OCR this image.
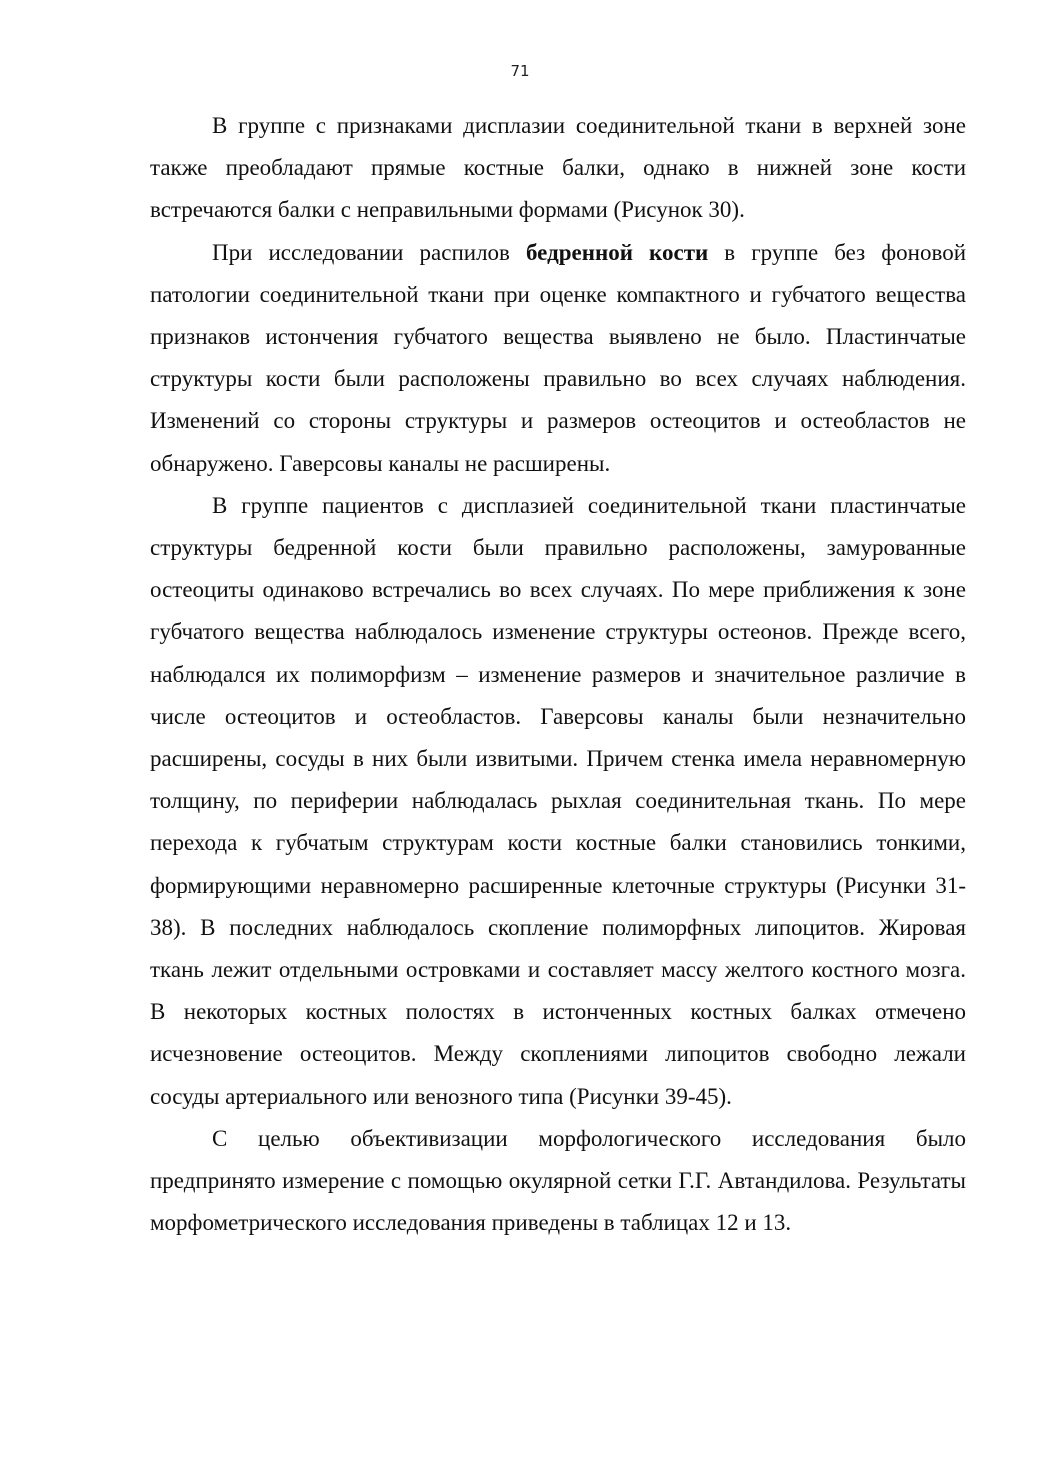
71

В группе с признаками дисплазии соединительной ткани в верхней зоне также преобладают прямые костные балки, однако в нижней зоне кости встречаются балки с неправильными формами (Рисунок 30).

При исследовании распилов бедренной кости в группе без фоновой патологии соединительной ткани при оценке компактного и губчатого вещества признаков истончения губчатого вещества выявлено не было. Пластинчатые структуры кости были расположены правильно во всех случаях наблюдения. Изменений со стороны структуры и размеров остеоцитов и остеобластов не обнаружено. Гаверсовы каналы не расширены.

В группе пациентов с дисплазией соединительной ткани пластинчатые структуры бедренной кости были правильно расположены, замурованные остеоциты одинаково встречались во всех случаях. По мере приближения к зоне губчатого вещества наблюдалось изменение структуры остеонов. Прежде всего, наблюдался их полиморфизм – изменение размеров и значительное различие в числе остеоцитов и остеобластов. Гаверсовы каналы были незначительно расширены, сосуды в них были извитыми. Причем стенка имела неравномерную толщину, по периферии наблюдалась рыхлая соединительная ткань. По мере перехода к губчатым структурам кости костные балки становились тонкими, формирующими неравномерно расширенные клеточные структуры (Рисунки 31-38). В последних наблюдалось скопление полиморфных липоцитов. Жировая ткань лежит отдельными островками и составляет массу желтого костного мозга. В некоторых костных полостях в истонченных костных балках отмечено исчезновение остеоцитов. Между скоплениями липоцитов свободно лежали сосуды артериального или венозного типа (Рисунки 39-45).

С целью объективизации морфологического исследования было предпринято измерение с помощью окулярной сетки Г.Г. Автандилова. Результаты морфометрического исследования приведены в таблицах 12 и 13.
